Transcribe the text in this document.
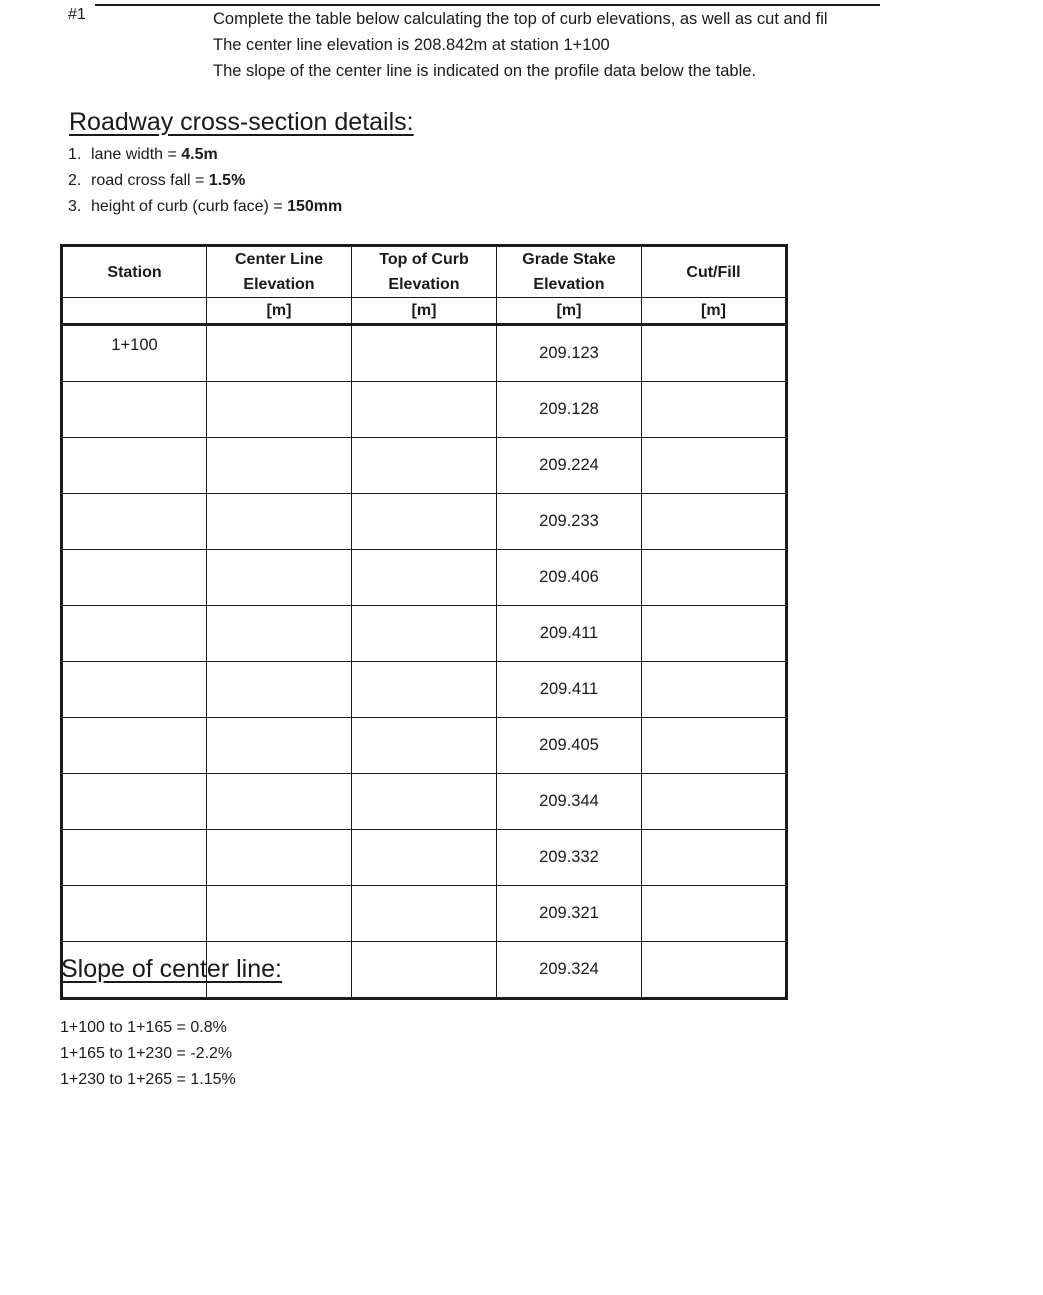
#1	Complete the table below calculating the top of curb elevations, as well as cut and fil
The center line elevation is 208.842m at station 1+100
The slope of the center line is indicated on the profile data below the table.
Roadway cross-section details:
1. lane width = 4.5m
2. road cross fall = 1.5%
3. height of curb (curb face) = 150mm
Station	Center Line Elevation	Top of Curb Elevation	Grade Stake Elevation	Cut/Fill
	[m]	[m]	[m]	[m]
1+100			209.123	
			209.128	
			209.224	
			209.233	
			209.406	
			209.411	
			209.411	
			209.405	
			209.344	
			209.332	
			209.321	
			209.324	
Slope of center line:
1+100 to 1+165 = 0.8%
1+165 to 1+230 = -2.2%
1+230 to 1+265 = 1.15%
